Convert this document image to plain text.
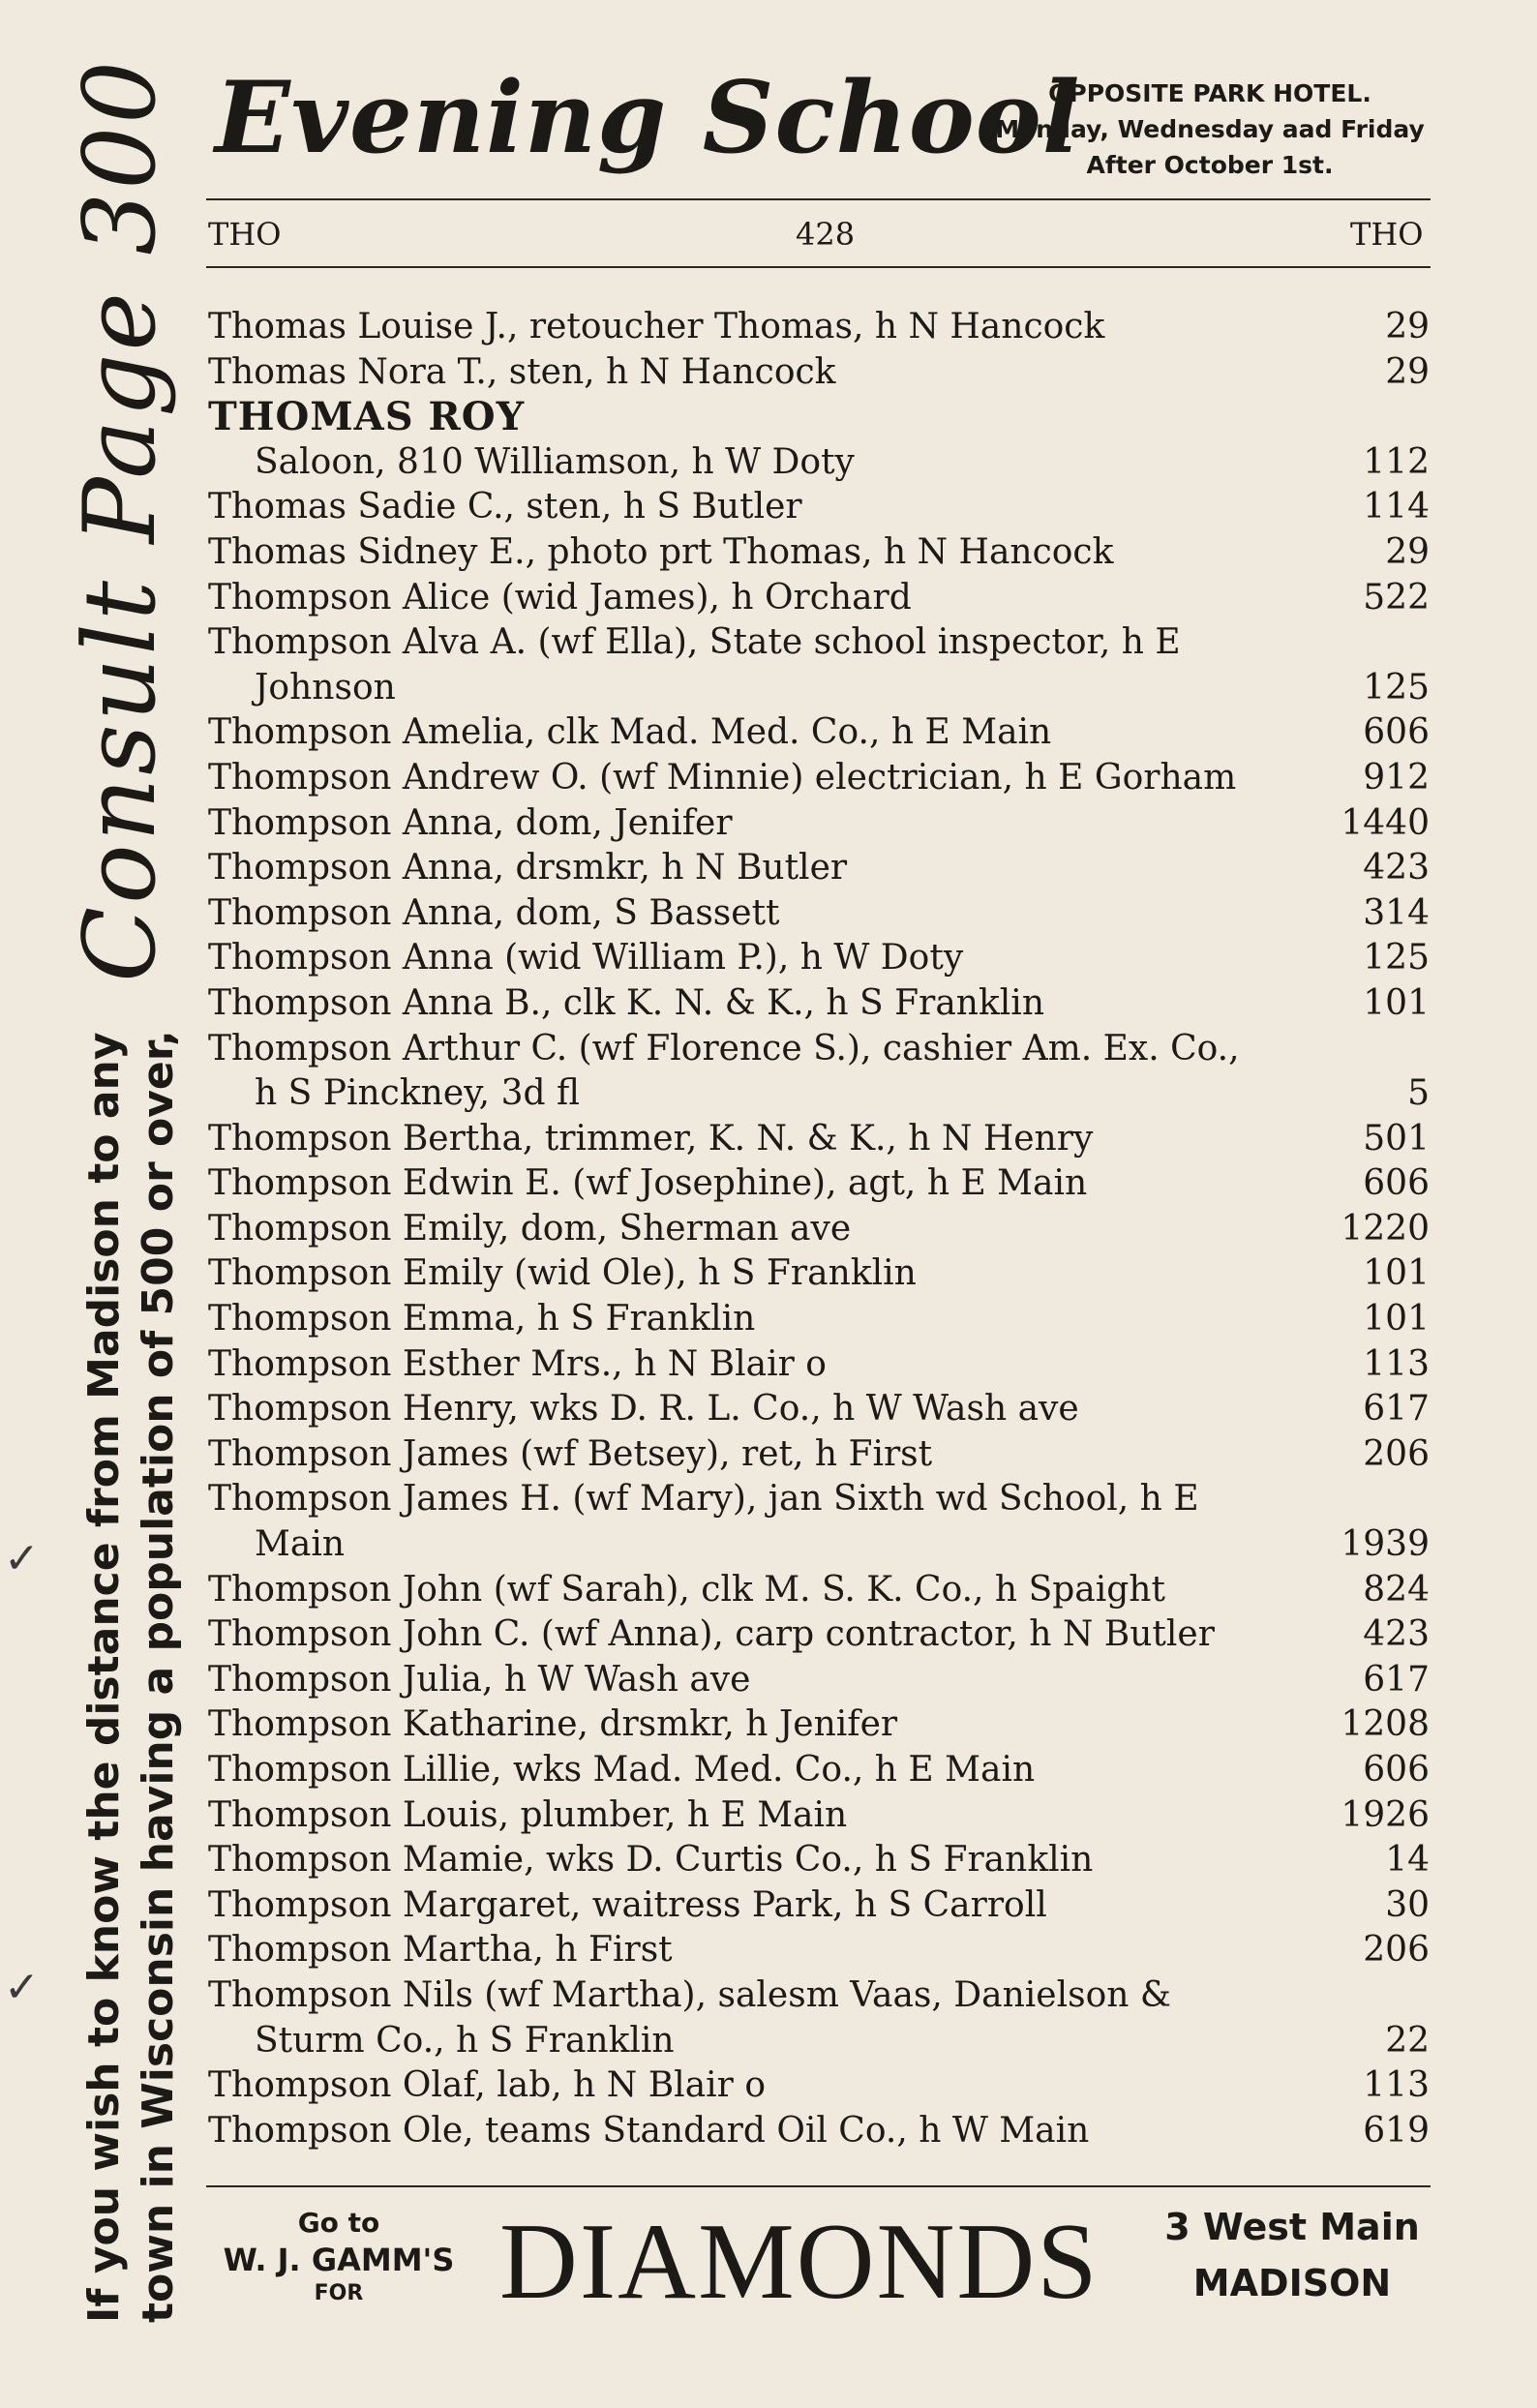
If you wish to know the distance from Madison to any town in Wisconsin having a population of 500 or over,
Consult Page 300 Evening School
OPPOSITE PARK HOTEL.
Monday, Wednesday aad Friday
After October 1st.
THO	428	THO
Thomas Louise J., retoucher Thomas, h N Hancock	29
Thomas Nora T., sten, h N Hancock	29
THOMAS ROY
Saloon, 810 Williamson, h W Doty	112
Thomas Sadie C., sten, h S Butler	114
Thomas Sidney E., photo prt Thomas, h N Hancock	29
Thompson Alice (wid James), h Orchard	522
Thompson Alva A. (wf Ella), State school inspector, h E
Johnson	125
Thompson Amelia, clk Mad. Med. Co., h E Main	606
Thompson Andrew O. (wf Minnie) electrician, h E Gorham	912
Thompson Anna, dom, Jenifer	1440
Thompson Anna, drsmkr, h N Butler	423
Thompson Anna, dom, S Bassett	314
Thompson Anna (wid William P.), h W Doty	125
Thompson Anna B., clk K. N. & K., h S Franklin	101
Thompson Arthur C. (wf Florence S.), cashier Am. Ex. Co.,
h S Pinckney, 3d fl	5
Thompson Bertha, trimmer, K. N. & K., h N Henry	501
Thompson Edwin E. (wf Josephine), agt, h E Main	606
Thompson Emily, dom, Sherman ave	1220
Thompson Emily (wid Ole), h S Franklin	101
Thompson Emma, h S Franklin	101
Thompson Esther Mrs., h N Blair o	113
Thompson Henry, wks D. R. L. Co., h W Wash ave	617
Thompson James (wf Betsey), ret, h First	206
Thompson James H. (wf Mary), jan Sixth wd School, h E
Main	1939
Thompson John (wf Sarah), clk M. S. K. Co., h Spaight	824
Thompson John C. (wf Anna), carp contractor, h N Butler	423
Thompson Julia, h W Wash ave	617
Thompson Katharine, drsmkr, h Jenifer	1208
Thompson Lillie, wks Mad. Med. Co., h E Main	606
Thompson Louis, plumber, h E Main	1926
Thompson Mamie, wks D. Curtis Co., h S Franklin	14
Thompson Margaret, waitress Park, h S Carroll	30
Thompson Martha, h First	206
Thompson Nils (wf Martha), salesm Vaas, Danielson &
Sturm Co., h S Franklin	22
Thompson Olaf, lab, h N Blair o	113
Thompson Ole, teams Standard Oil Co., h W Main	619
✓
✓
Go to
W. J. GAMM'S
FOR	DIAMONDS	3 West Main
MADISON
